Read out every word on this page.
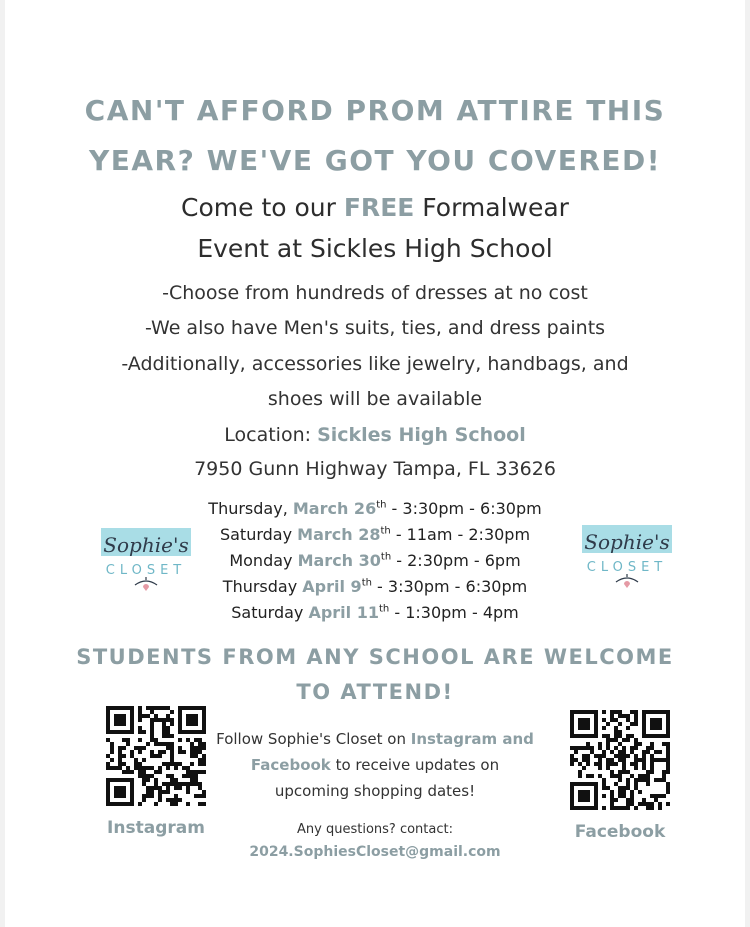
CAN'T AFFORD PROM ATTIRE THIS
YEAR? WE'VE GOT YOU COVERED!
Come to our FREE Formalwear
Event at Sickles High School
-Choose from hundreds of dresses at no cost
-We also have Men's suits, ties, and dress paints
-Additionally, accessories like jewelry, handbags, and
shoes will be available
Location: Sickles High School
7950 Gunn Highway Tampa, FL 33626
Thursday, March 26th - 3:30pm - 6:30pm
Saturday March 28th - 11am - 2:30pm
Monday March 30th - 2:30pm - 6pm
Thursday April 9th - 3:30pm - 6:30pm
Saturday April 11th - 1:30pm - 4pm
Sophie's
CLOSET
Sophie's
CLOSET
STUDENTS FROM ANY SCHOOL ARE WELCOME
TO ATTEND!
Instagram	Facebook
Follow Sophie's Closet on Instagram and
Facebook to receive updates on
upcoming shopping dates!
Any questions? contact:
2024.SophiesCloset@gmail.com
